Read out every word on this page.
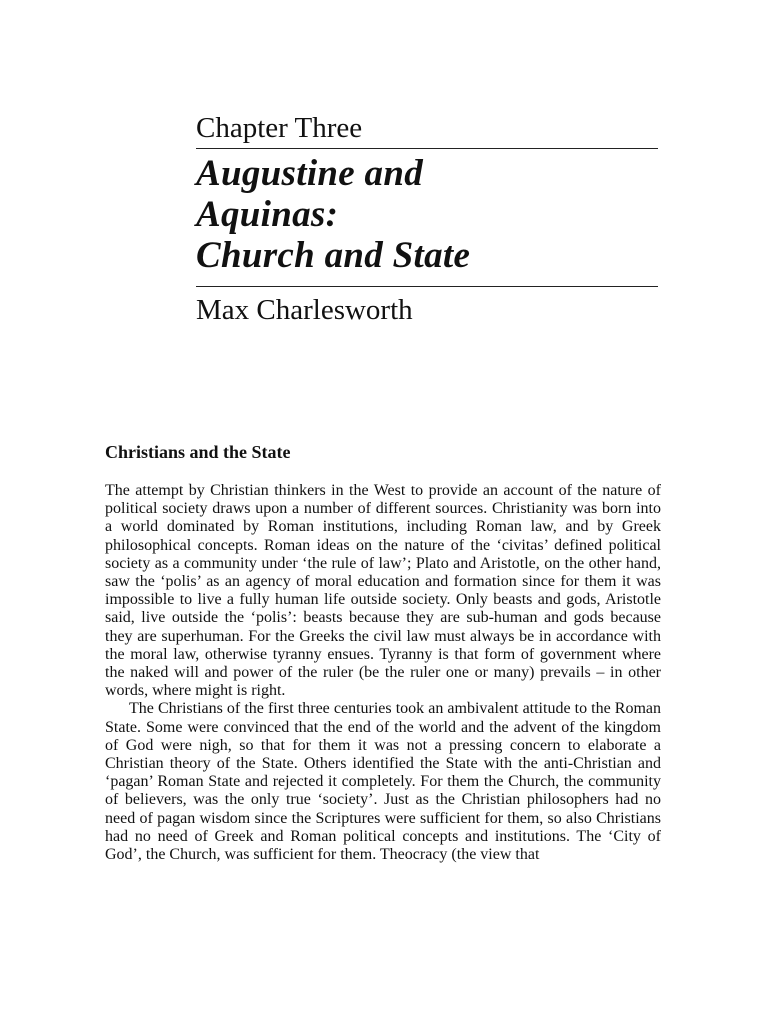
Chapter Three
Augustine and
Aquinas:
Church and State
Max Charlesworth
Christians and the State

The attempt by Christian thinkers in the West to provide an account of the nature of political society draws upon a number of different sources. Christianity was born into a world dominated by Roman institutions, including Roman law, and by Greek philosophical concepts. Roman ideas on the nature of the ‘civitas’ defined political society as a community under ‘the rule of law’; Plato and Aristotle, on the other hand, saw the ‘polis’ as an agency of moral education and formation since for them it was impossible to live a fully human life outside society. Only beasts and gods, Aristotle said, live outside the ‘polis’: beasts because they are sub-human and gods because they are superhuman. For the Greeks the civil law must always be in accordance with the moral law, otherwise tyranny ensues. Tyranny is that form of government where the naked will and power of the ruler (be the ruler one or many) prevails – in other words, where might is right.

The Christians of the first three centuries took an ambivalent attitude to the Roman State. Some were convinced that the end of the world and the advent of the kingdom of God were nigh, so that for them it was not a pressing concern to elaborate a Christian theory of the State. Others identified the State with the anti-Christian and ‘pagan’ Roman State and rejected it completely. For them the Church, the community of believers, was the only true ‘society’. Just as the Christian philosophers had no need of pagan wisdom since the Scriptures were sufficient for them, so also Christians had no need of Greek and Roman political concepts and institutions. The ‘City of God’, the Church, was sufficient for them. Theocracy (the view that
